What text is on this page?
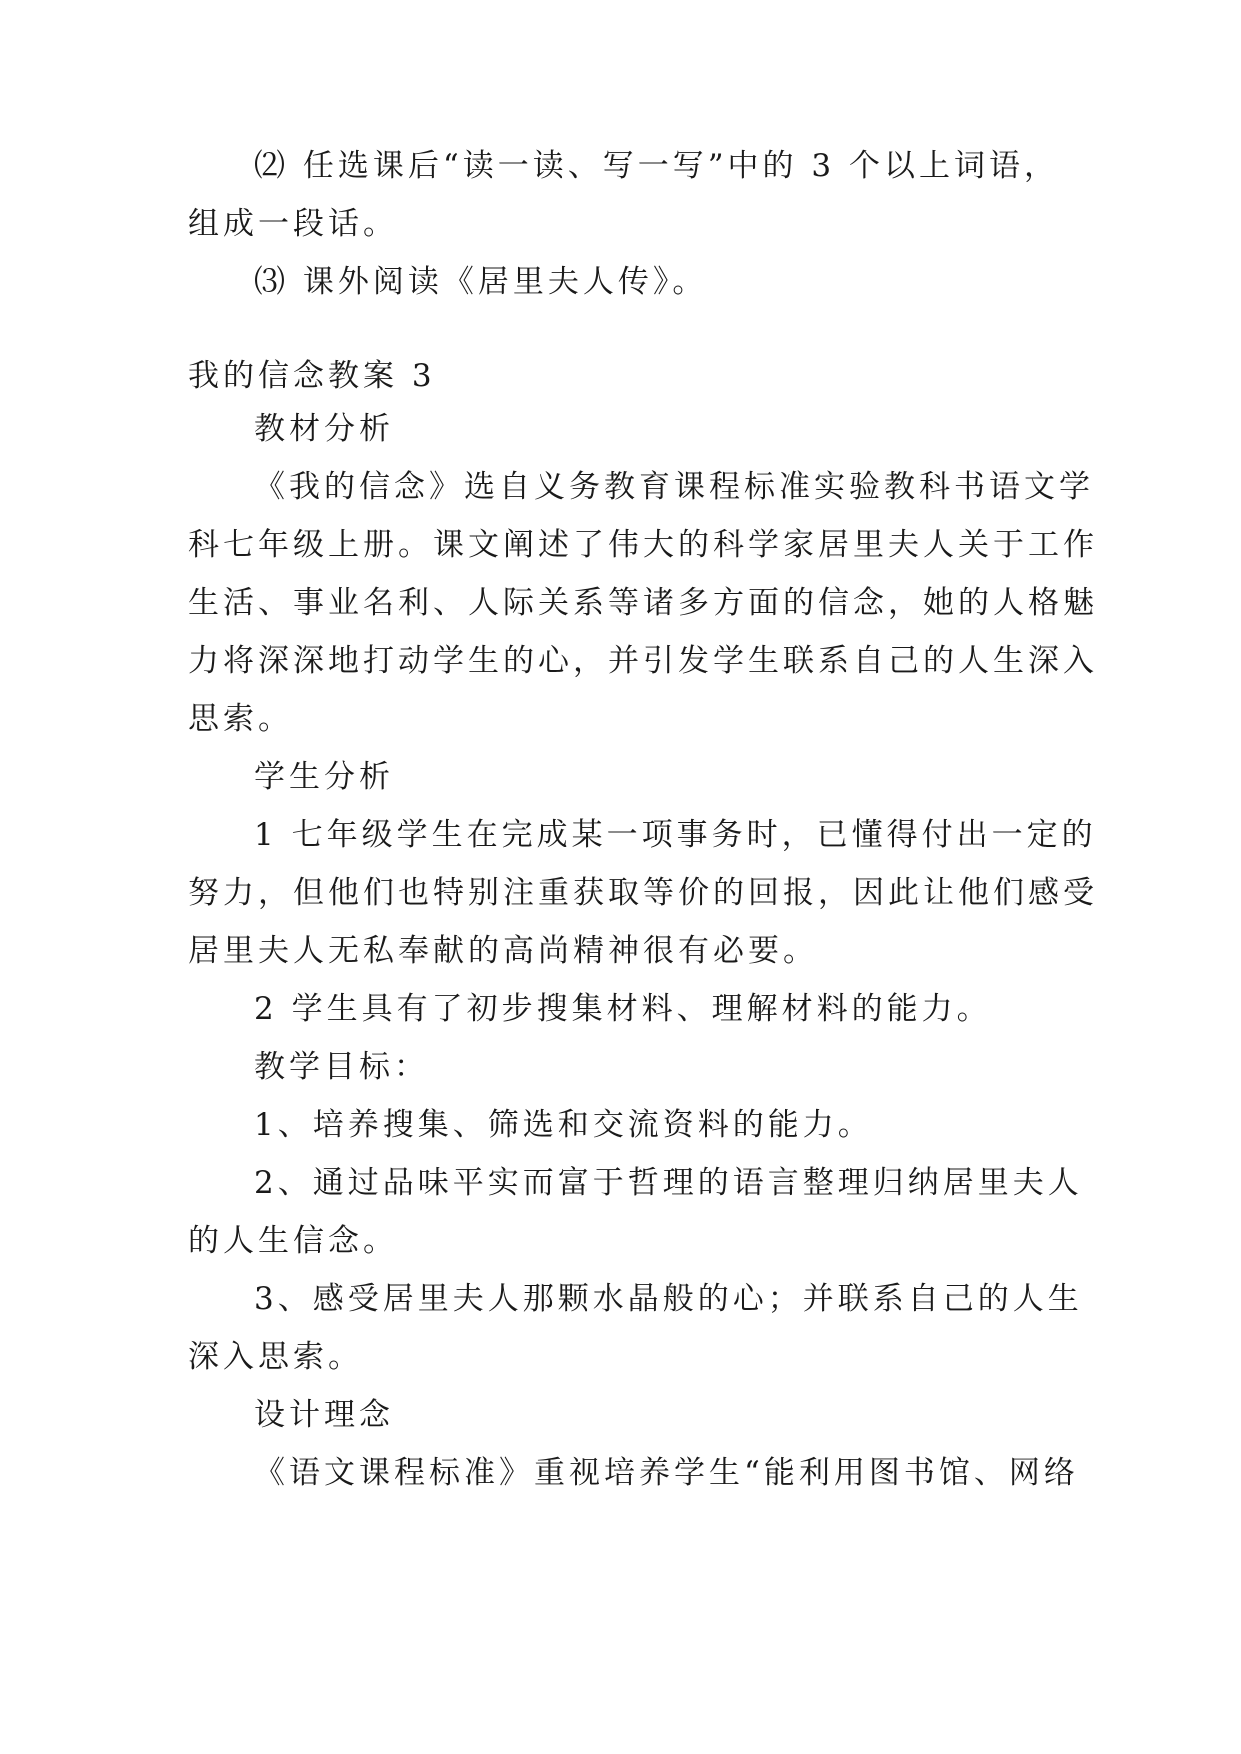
⑵ 任选课后“读一读、写一写”中的 3 个以上词语，
组成一段话。
⑶ 课外阅读《居里夫人传》。
我的信念教案 3
教材分析
《我的信念》选自义务教育课程标准实验教科书语文学
科七年级上册。课文阐述了伟大的科学家居里夫人关于工作
生活、事业名利、人际关系等诸多方面的信念，她的人格魅
力将深深地打动学生的心，并引发学生联系自己的人生深入
思索。
学生分析
1 七年级学生在完成某一项事务时，已懂得付出一定的
努力，但他们也特别注重获取等价的回报，因此让他们感受
居里夫人无私奉献的高尚精神很有必要。
2 学生具有了初步搜集材料、理解材料的能力。
教学目标：
1、培养搜集、筛选和交流资料的能力。
2、通过品味平实而富于哲理的语言整理归纳居里夫人
的人生信念。
3、感受居里夫人那颗水晶般的心；并联系自己的人生
深入思索。
设计理念
《语文课程标准》重视培养学生“能利用图书馆、网络
